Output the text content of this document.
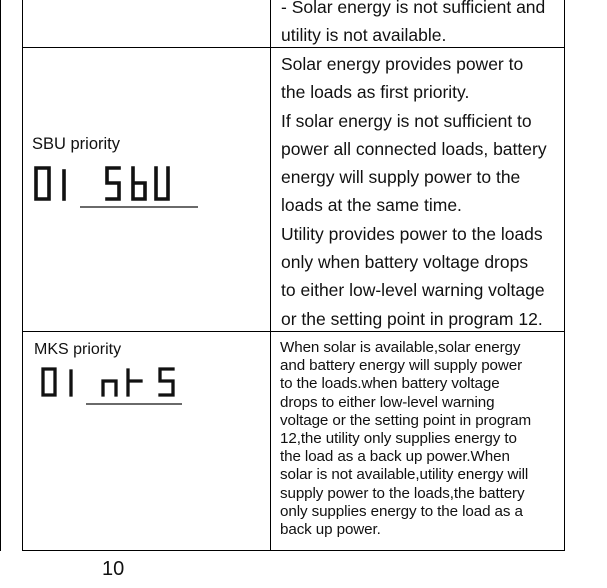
- Solar energy is not sufficient and
utility is not available.
SBU priority
Solar energy provides power to
the loads as first priority.
If solar energy is not sufficient to
power all connected loads, battery
energy will supply power to the
loads at the same time.
Utility provides power to the loads
only when battery voltage drops
to either low-level warning voltage
or the setting point in program 12.
MKS priority	When solar is available,solar energy
and battery energy will supply power
to the loads.when battery voltage
drops to either low-level warning
voltage or the setting point in program
12,the utility only supplies energy to
the load as a back up power.When
solar is not available,utility energy will
supply power to the loads,the battery
only supplies energy to the load as a
back up power.
10
